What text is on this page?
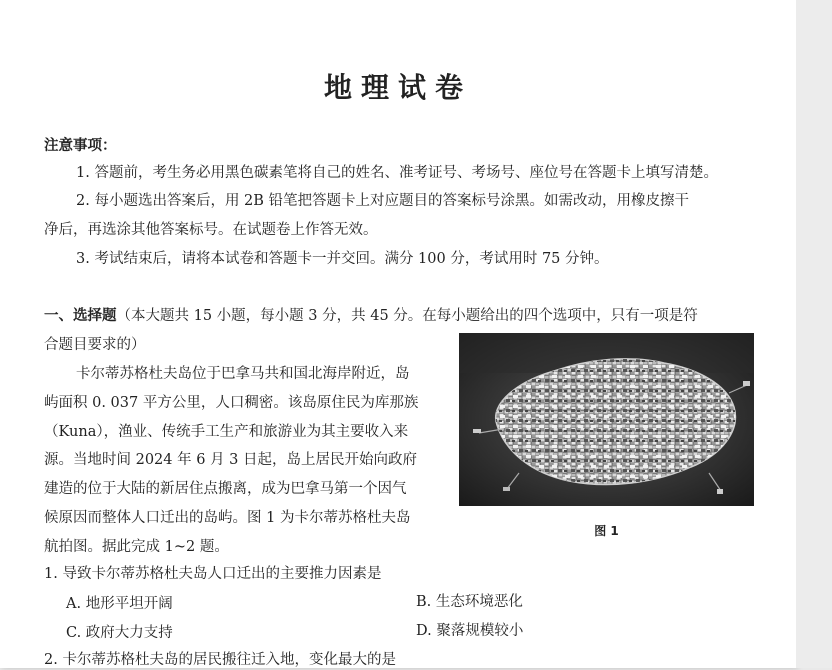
地理试卷
注意事项：
1. 答题前，考生务必用黑色碳素笔将自己的姓名、准考证号、考场号、座位号在答题卡上填写清楚。
2. 每小题选出答案后，用 2B 铅笔把答题卡上对应题目的答案标号涂黑。如需改动，用橡皮擦干
净后，再选涂其他答案标号。在试题卷上作答无效。
3. 考试结束后，请将本试卷和答题卡一并交回。满分 100 分，考试用时 75 分钟。
一、选择题（本大题共 15 小题，每小题 3 分，共 45 分。在每小题给出的四个选项中，只有一项是符
合题目要求的）
卡尔蒂苏格杜夫岛位于巴拿马共和国北海岸附近，岛
屿面积 0. 037 平方公里，人口稠密。该岛原住民为库那族
（Kuna），渔业、传统手工生产和旅游业为其主要收入来
源。当地时间 2024 年 6 月 3 日起，岛上居民开始向政府
建造的位于大陆的新居住点搬离，成为巴拿马第一个因气
候原因而整体人口迁出的岛屿。图 1 为卡尔蒂苏格杜夫岛
航拍图。据此完成 1~2 题。
图 1
1. 导致卡尔蒂苏格杜夫岛人口迁出的主要推力因素是
A. 地形平坦开阔	B. 生态环境恶化
C. 政府大力支持	D. 聚落规模较小
2. 卡尔蒂苏格杜夫岛的居民搬往迁入地，变化最大的是
